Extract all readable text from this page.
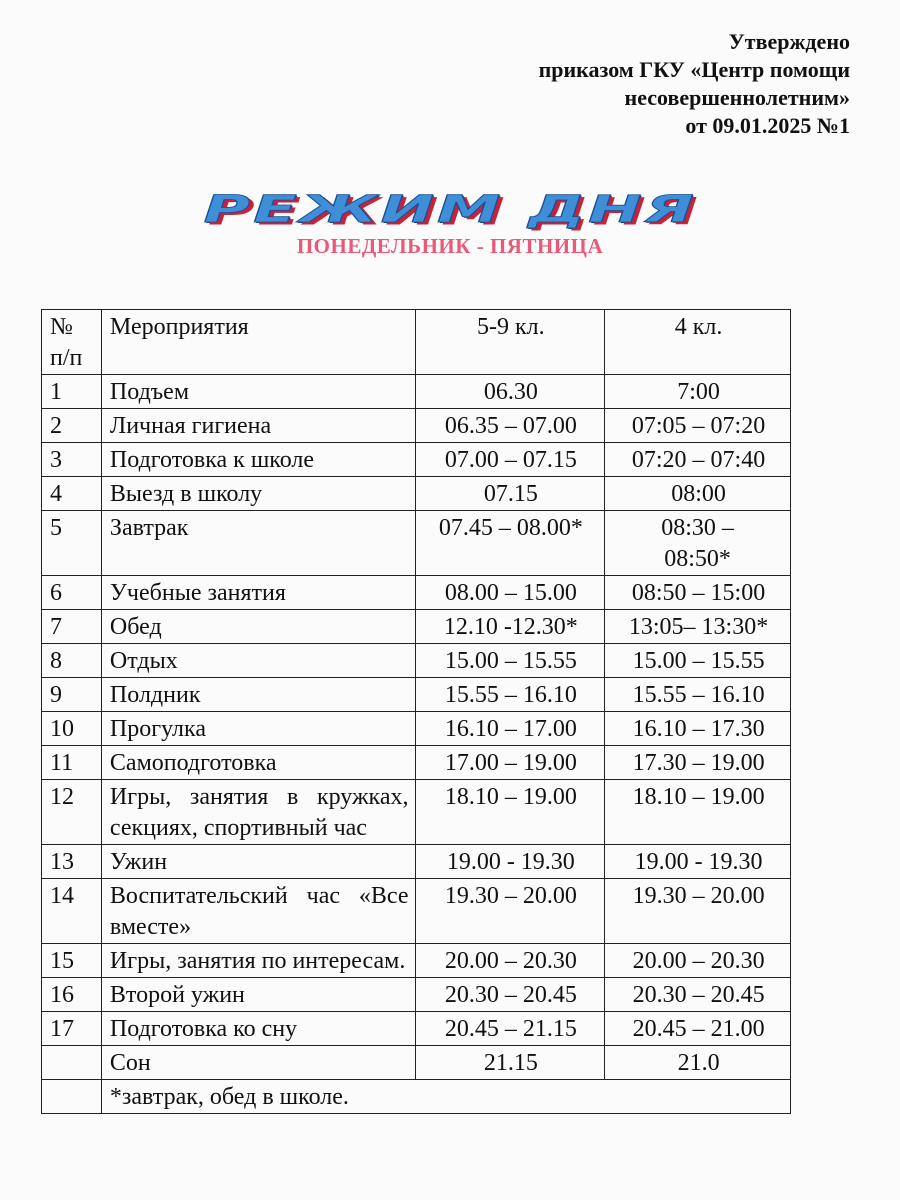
Утверждено
приказом ГКУ «Центр помощи
несовершеннолетним»
от 09.01.2025 №1
РЕЖИМ ДНЯ
ПОНЕДЕЛЬНИК - ПЯТНИЦА
№ п/п	Мероприятия	5-9 кл.	4 кл.
1	Подъем	06.30	7:00
2	Личная гигиена	06.35 – 07.00	07:05 – 07:20
3	Подготовка к школе	07.00 – 07.15	07:20 – 07:40
4	Выезд в школу	07.15	08:00
5	Завтрак	07.45 – 08.00*	08:30 – 08:50*
6	Учебные занятия	08.00 – 15.00	08:50 – 15:00
7	Обед	12.10 -12.30*	13:05– 13:30*
8	Отдых	15.00 – 15.55	15.00 – 15.55
9	Полдник	15.55 – 16.10	15.55 – 16.10
10	Прогулка	16.10 – 17.00	16.10 – 17.30
11	Самоподготовка	17.00 – 19.00	17.30 – 19.00
12	Игры, занятия в кружках, секциях, спортивный час	18.10 – 19.00	18.10 – 19.00
13	Ужин	19.00 - 19.30	19.00 - 19.30
14	Воспитательский час «Все вместе»	19.30 – 20.00	19.30 – 20.00
15	Игры, занятия по интересам.	20.00 – 20.30	20.00 – 20.30
16	Второй ужин	20.30 – 20.45	20.30 – 20.45
17	Подготовка ко сну	20.45 – 21.15	20.45 – 21.00
	Сон	21.15	21.0
	*завтрак, обед в школе.		
